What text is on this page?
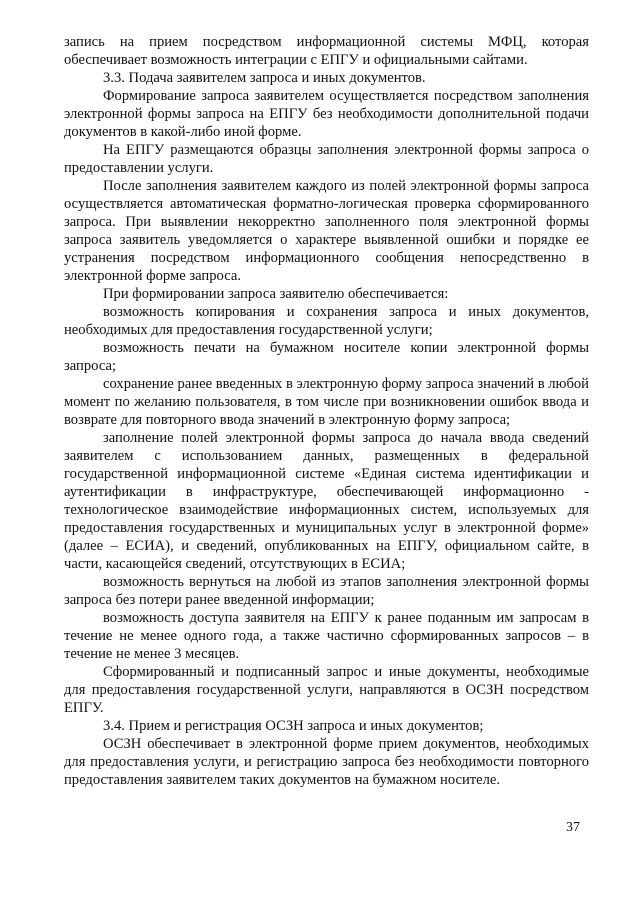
запись на прием посредством информационной системы МФЦ, которая обеспечивает возможность интеграции с ЕПГУ и официальными сайтами.

3.3. Подача заявителем запроса и иных документов.

Формирование запроса заявителем осуществляется посредством заполнения электронной формы запроса на ЕПГУ без необходимости дополнительной подачи документов в какой-либо иной форме.

На ЕПГУ размещаются образцы заполнения электронной формы запроса о предоставлении услуги.

После заполнения заявителем каждого из полей электронной формы запроса осуществляется автоматическая форматно-логическая проверка сформированного запроса. При выявлении некорректно заполненного поля электронной формы запроса заявитель уведомляется о характере выявленной ошибки и порядке ее устранения посредством информационного сообщения непосредственно в электронной форме запроса.

При формировании запроса заявителю обеспечивается:

возможность копирования и сохранения запроса и иных документов, необходимых для предоставления государственной услуги;

возможность печати на бумажном носителе копии электронной формы запроса;

сохранение ранее введенных в электронную форму запроса значений в любой момент по желанию пользователя, в том числе при возникновении ошибок ввода и возврате для повторного ввода значений в электронную форму запроса;

заполнение полей электронной формы запроса до начала ввода сведений заявителем с использованием данных, размещенных в федеральной государственной информационной системе «Единая система идентификации и аутентификации в инфраструктуре, обеспечивающей информационно - технологическое взаимодействие информационных систем, используемых для предоставления государственных и муниципальных услуг в электронной форме» (далее – ЕСИА), и сведений, опубликованных на ЕПГУ, официальном сайте, в части, касающейся сведений, отсутствующих в ЕСИА;

возможность вернуться на любой из этапов заполнения электронной формы запроса без потери ранее введенной информации;

возможность доступа заявителя на ЕПГУ к ранее поданным им запросам в течение не менее одного года, а также частично сформированных запросов – в течение не менее 3 месяцев.

Сформированный и подписанный запрос и иные документы, необходимые для предоставления государственной услуги, направляются в ОСЗН посредством ЕПГУ.

3.4. Прием и регистрация ОСЗН запроса и иных документов;

ОСЗН обеспечивает в электронной форме прием документов, необходимых для предоставления услуги, и регистрацию запроса без необходимости повторного предоставления заявителем таких документов на бумажном носителе.

37
